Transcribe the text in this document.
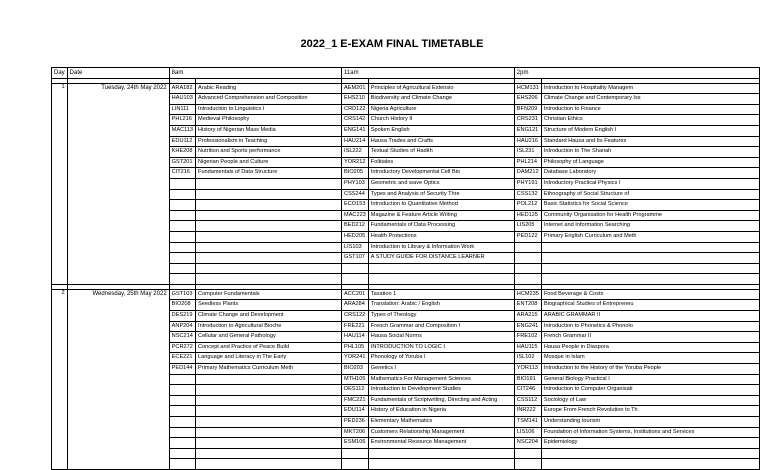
2022_1 E-EXAM FINAL TIMETABLE
Day	Date	8am		11am		2pm	

1	Tuesday, 24th May 2022	ARA182	Arabic Reading	AEM201	Principles of Agricultural Extensio	HCM131	Introduction to Hospitality Managem
		HAU103	Advanced Comprehension and Composition	EHS210	Biodiversity and Climate Change	EHS206	Climate Change and Contemporary Iss
		LIN111	Introduction to Linguistics I	CRD122	Nigeria Agriculture	BFN209	Introduction to Finance
		PHL216	Medieval Philosophy	CRS142	Church History II	CRS231	Christian Ethics
		MAC113	History of Nigerian Mass Media	ENG141	Spoken English	ENG121	Structure of Modern English I
		EDU112	Professionalism in Teaching	HAU214	Hausa Trades and Crafts	HAU216	Standard Hausa and Its Features
		KHE208	Nutrition and Sports performance	ISL222	Textual Studies of Hadith	ISL231	Introduction to The Shariah
		GST201	Nigerian People and Culture	YOR212	Folktales	PHL214	Philosophy of Language
		CIT216	Fundamentals of Data Structure	BIO205	Introductory Developmental Cell Bio	DAM212	Database Laboratory
				PHY103	Geometric and wave Optics	PHY191	Introductory Practical Physics I
				CSS244	Types and Analysis of Security Thre	CSS132	Ethnography of Social Structure of
				ECO153	Introduction to Quantitative Method	POL212	Basic Statistics for Social Science
				MAC223	Magazine & Feature Article Writing	HED125	Community Organisation for Health Programme
				BED212	Fundamentals of Data Processing	LIS205	Internet and Information Searching
				HED205	Health Protections	PED122	Primary English Curriculum and Meth
				LIS103	Introduction to Library & Information Work		
				GST107	A STUDY GUIDE FOR DISTANCE LEARNER		

2	Wednesday, 25th May 2022	GST103	Computer Fundamentals	ACC201	Taxation 1	HCM235	Food Beverage & Costs
		BIO208	Seedless Plants	ARA284	Translation: Arabic / English	ENT208	Biographical Studies of Entrepreneu
		DES219	Climate Change and Development	CRS122	Types of Theology	ARA215	ARABIC GRAMMAR II
		ANP204	Introduction to Agricultural Bioche	FRE221	French Grammar and Composition I	ENG241	Introduction to Phonetics & Phonolo
		NSC214	Cellular and General Pathology	HAU114	Hausa Social Norms	FRE102	French Grammar II
		PCR272	Concept and Practice of Peace Build	PHL105	INTRODUCTION TO LOGIC I	HAU115	Hausa People in Diaspora
		ECE221	Language and Literacy in The Early	YOR241	Phonology of Yoruba I	ISL102	Mosque in Islam
		PED144	Primary Mathematics Curriculum Meth	BIO203	Genetics I	YOR113	Introduction to the History of the Yoruba People
				MTH105	Mathematics For Management Sciences	BIO191	General Biology Practical I
				DES112	Introduction to Development Studies	CIT246	Introduction to Computer Organisati
				FMC221	Fundamentals of Scriptwriting, Directing and Acting	CSS112	Sociology of Law
				EDU114	History of Education in Nigeria	INR222	Europe From French Revolution to Th
				PED236	Elementary Mathematics	TSM141	Understanding tourism
				MKT206	Customers Relationship Management	LIS106	Foundation of Information Systems, Institutions and Services
				ESM106	Environmental Resource Management	NSC204	Epidemiology
